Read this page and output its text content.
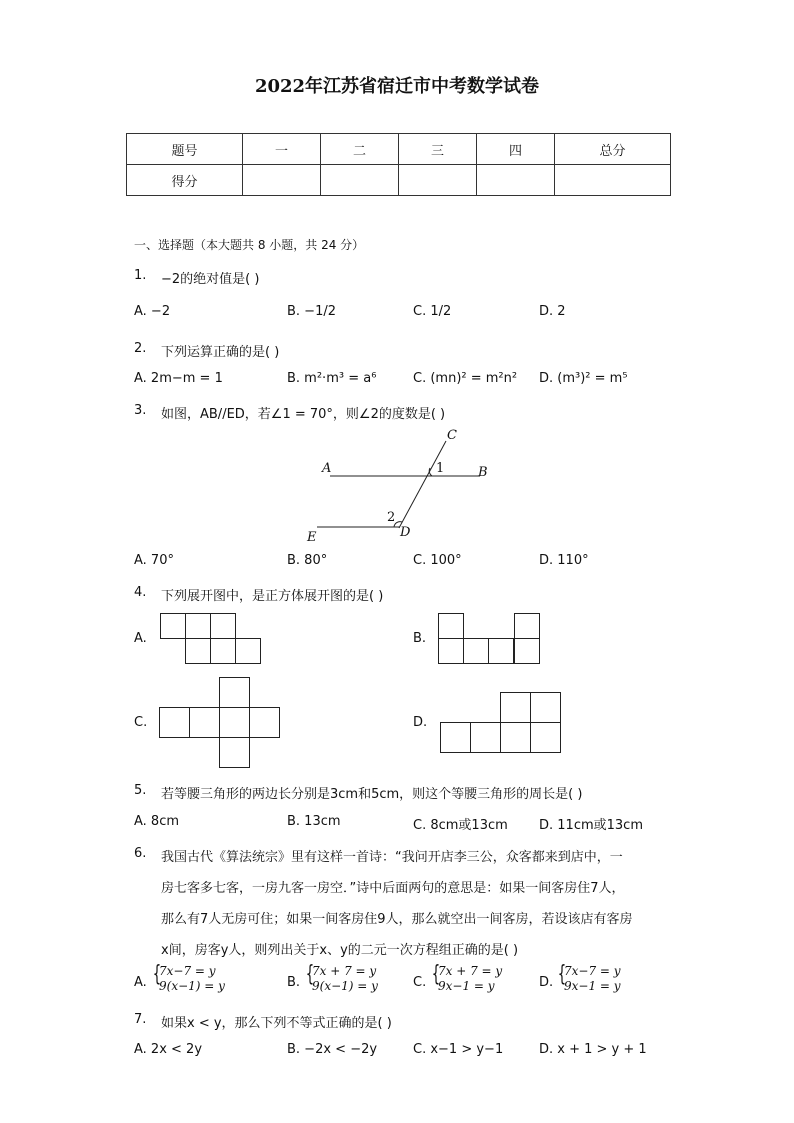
2022年江苏省宿迁市中考数学试卷
题号	一	二	三	四	总分
得分					
一、选择题（本大题共 8 小题，共 24 分）
1. −2的绝对值是( )
A. −2	B. −1/2	C. 1/2	D. 2
2. 下列运算正确的是( )
A. 2m−m = 1	B. m²·m³ = a⁶	C. (mn)² = m²n² D. (m³)² = m⁵
3. 如图，AB//ED，若∠1 = 70°，则∠2的度数是( )
A	B
C
D
E
1
2
A. 70°	B. 80°	C. 100°	D. 110°
4. 下列展开图中，是正方体展开图的是( )
A.	B.
C.	D.
5. 若等腰三角形的两边长分别是3cm和5cm，则这个等腰三角形的周长是( )
A. 8cm	B. 13cm	C. 8cm或13cm D. 11cm或13cm
6. 我国古代《算法统宗》里有这样一首诗：“我问开店李三公，众客都来到店中，一
房七客多七客，一房九客一房空．”诗中后面两句的意思是：如果一间客房住7人，
那么有7人无房可住；如果一间客房住9人，那么就空出一间客房，若设该店有客房
x间，房客y人，则列出关于x、y的二元一次方程组正确的是( )
A. {
7x−7 = y
9(x−1) = y	B. {
7x + 7 = y
9(x−1) = y	C. {
7x + 7 = y
9x−1 = y	D. {
7x−7 = y
9x−1 = y
7. 如果x < y，那么下列不等式正确的是( )
A. 2x < 2y	B. −2x < −2y	C. x−1 > y−1	D. x + 1 > y + 1
